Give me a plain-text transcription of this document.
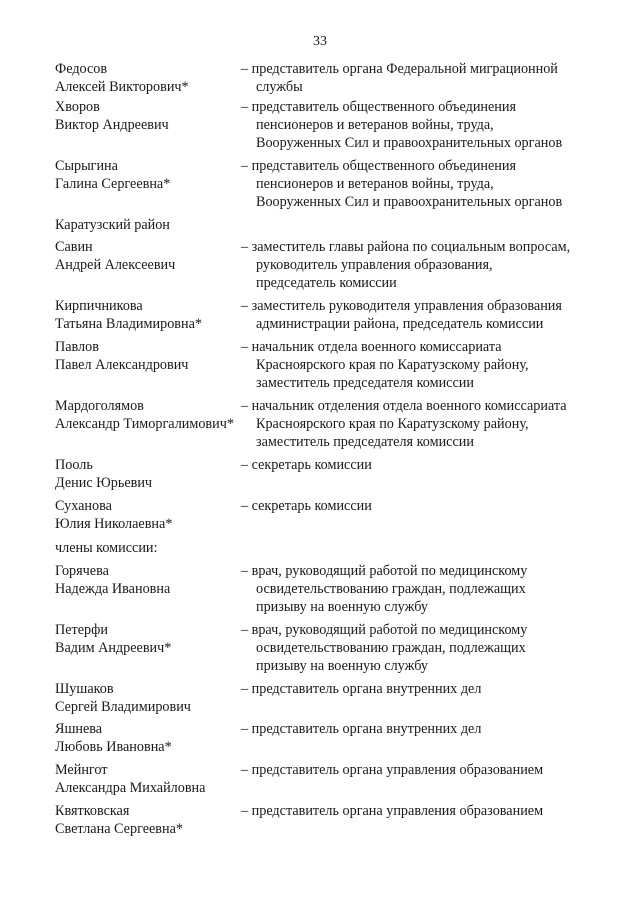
33
Федосов
Алексей Викторович*
– представитель органа Федеральной миграционной
службы
Хворов
Виктор Андреевич
– представитель общественного объединения
пенсионеров и ветеранов войны, труда,
Вооруженных Сил и правоохранительных органов
Сырыгина
Галина Сергеевна*
– представитель общественного объединения
пенсионеров и ветеранов войны, труда,
Вооруженных Сил и правоохранительных органов
Каратузский район
Савин
Андрей Алексеевич
– заместитель главы района по социальным вопросам,
руководитель управления образования,
председатель комиссии
Кирпичникова
Татьяна Владимировна*
– заместитель руководителя управления образования
администрации района, председатель комиссии
Павлов
Павел Александрович
– начальник отдела военного комиссариата
Красноярского края по Каратузскому району,
заместитель председателя комиссии
Мардоголямов
Александр Тиморгалимович*
– начальник отделения отдела военного комиссариата
Красноярского края по Каратузскому району,
заместитель председателя комиссии
Пооль
Денис Юрьевич
– секретарь комиссии
Суханова
Юлия Николаевна*
– секретарь комиссии
члены комиссии:
Горячева
Надежда Ивановна
– врач, руководящий работой по медицинскому
освидетельствованию граждан, подлежащих
призыву на военную службу
Петерфи
Вадим Андреевич*
– врач, руководящий работой по медицинскому
освидетельствованию граждан, подлежащих
призыву на военную службу
Шушаков
Сергей Владимирович
– представитель органа внутренних дел
Яшнева
Любовь Ивановна*
– представитель органа внутренних дел
Мейнгот
Александра Михайловна
– представитель органа управления образованием
Квятковская
Светлана Сергеевна*
– представитель органа управления образованием
